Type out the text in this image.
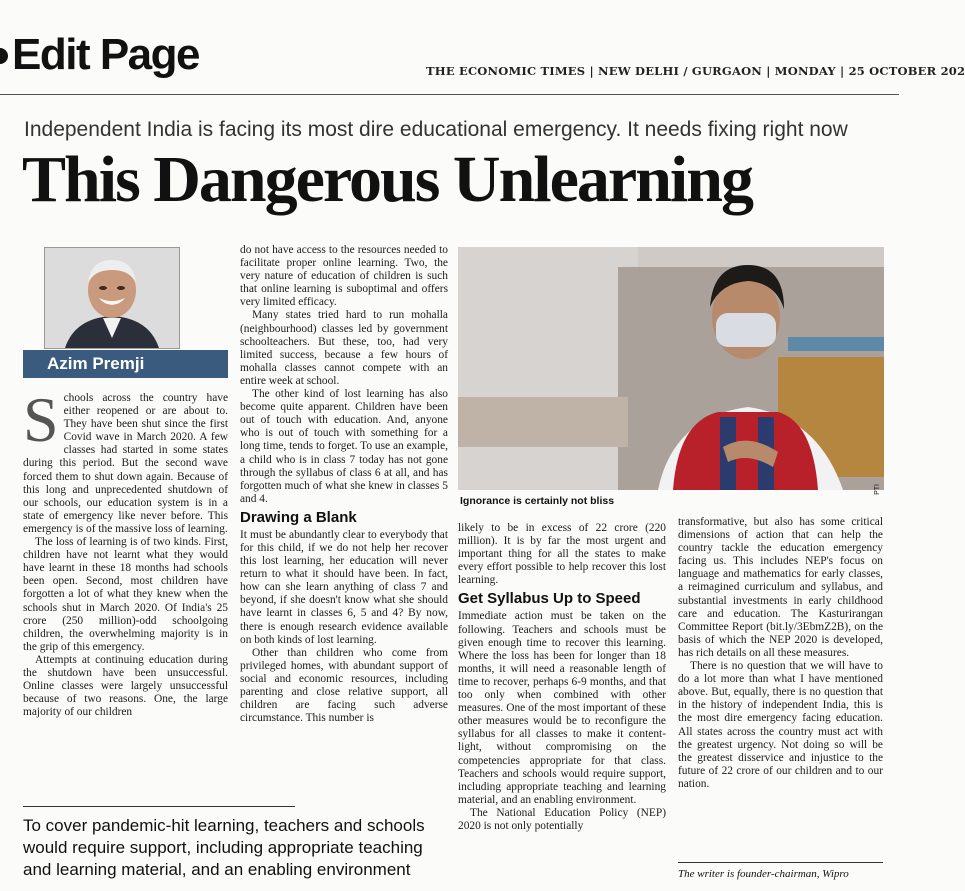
Edit Page	THE ECONOMIC TIMES | NEW DELHI / GURGAON | MONDAY | 25 OCTOBER 202
Independent India is facing its most dire educational emergency. It needs fixing right now
This Dangerous Unlearning
Azim Premji
S chools across the country have either reopened or are about to. They have been shut since the first Covid wave in March 2020. A few classes had started in some states during this period. But the second wave forced them to shut down again. Because of this long and unprecedented shutdown of our schools, our education system is in a state of emergency like never before. This emergency is of the massive loss of learning.

The loss of learning is of two kinds. First, children have not learnt what they would have learnt in these 18 months had schools been open. Second, most children have forgotten a lot of what they knew when the schools shut in March 2020. Of India's 25 crore (250 million)-odd schoolgoing children, the overwhelming majority is in the grip of this emergency.

Attempts at continuing education during the shutdown have been unsuccessful. Online classes were largely unsuccessful because of two reasons. One, the large majority of our children

do not have access to the resources needed to facilitate proper online learning. Two, the very nature of education of children is such that online learning is suboptimal and offers very limited efficacy.

Many states tried hard to run mohalla (neighbourhood) classes led by government schoolteachers. But these, too, had very limited success, because a few hours of mohalla classes cannot compete with an entire week at school.

The other kind of lost learning has also become quite apparent. Children have been out of touch with education. And, anyone who is out of touch with something for a long time, tends to forget. To use an example, a child who is in class 7 today has not gone through the syllabus of class 6 at all, and has forgotten much of what she knew in classes 5 and 4.

Drawing a Blank

It must be abundantly clear to everybody that for this child, if we do not help her recover this lost learning, her education will never return to what it should have been. In fact, how can she learn anything of class 7 and beyond, if she doesn't know what she should have learnt in classes 6, 5 and 4? By now, there is enough research evidence available on both kinds of lost learning.

Other than children who come from privileged homes, with abundant support of social and economic resources, including parenting and close relative support, all children are facing such adverse circumstance. This number is

PTI
Ignorance is certainly not bliss

likely to be in excess of 22 crore (220 million). It is by far the most urgent and important thing for all the states to make every effort possible to help recover this lost learning.

Get Syllabus Up to Speed

Immediate action must be taken on the following. Teachers and schools must be given enough time to recover this learning. Where the loss has been for longer than 18 months, it will need a reasonable length of time to recover, perhaps 6-9 months, and that too only when combined with other measures. One of the most important of these other measures would be to reconfigure the syllabus for all classes to make it content-light, without compromising on the competencies appropriate for that class. Teachers and schools would require support, including appropriate teaching and learning material, and an enabling environment.

The National Education Policy (NEP) 2020 is not only potentially

transformative, but also has some critical dimensions of action that can help the country tackle the education emergency facing us. This includes NEP's focus on language and mathematics for early classes, a reimagined curriculum and syllabus, and substantial investments in early childhood care and education. The Kasturirangan Committee Report (bit.ly/3EbmZ2B), on the basis of which the NEP 2020 is developed, has rich details on all these measures.

There is no question that we will have to do a lot more than what I have mentioned above. But, equally, there is no question that in the history of independent India, this is the most dire emergency facing education. All states across the country must act with the greatest urgency. Not doing so will be the greatest disservice and injustice to the future of 22 crore of our children and to our nation.

To cover pandemic-hit learning, teachers and schools would require support, including appropriate teaching and learning material, and an enabling environment	The writer is founder-chairman, Wipro
